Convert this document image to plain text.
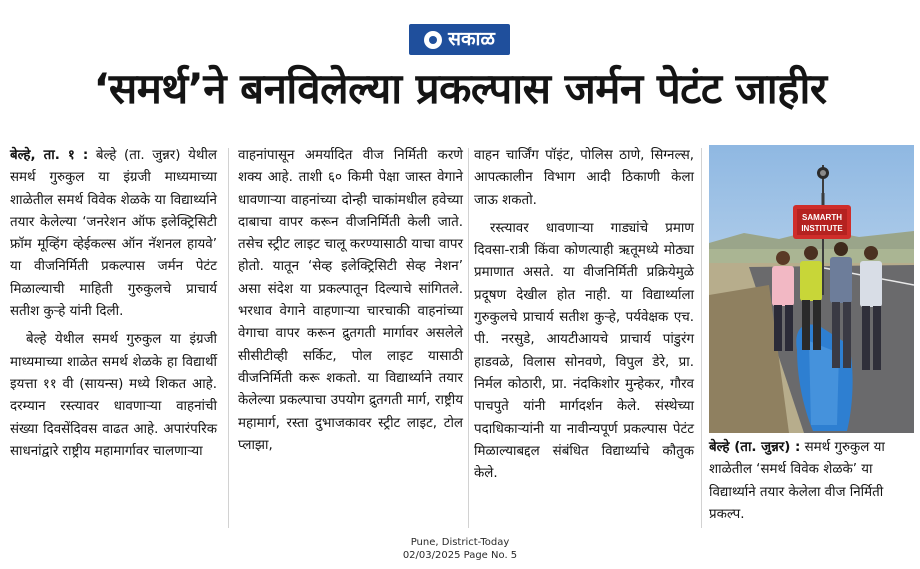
सकाळ
‘समर्थ’ने बनविलेल्या प्रकल्पास जर्मन पेटंट जाहीर

बेल्हे, ता. १ : बेल्हे (ता. जुन्नर) येथील समर्थ गुरुकुल या इंग्रजी माध्यमाच्या शाळेतील समर्थ विवेक शेळके या विद्यार्थ्याने तयार केलेल्या ‘जनरेशन ऑफ इलेक्ट्रिसिटी फ्रॉम मूव्हिंग व्हेईकल्स ऑन नॅशनल हायवे’ या वीजनिर्मिती प्रकल्पास जर्मन पेटंट मिळाल्याची माहिती गुरुकुलचे प्राचार्य सतीश कुऱ्हे यांनी दिली.

बेल्हे येथील समर्थ गुरुकुल या इंग्रजी माध्यमाच्या शाळेत समर्थ शेळके हा विद्यार्थी इयत्ता ११ वी (सायन्स) मध्ये शिकत आहे. दरम्यान रस्त्यावर धावणाऱ्या वाहनांची संख्या दिवसेंदिवस वाढत आहे. अपारंपरिक साधनांद्वारे राष्ट्रीय महामार्गावर चालणाऱ्या

वाहनांपासून अमर्यादित वीज निर्मिती करणे शक्य आहे. ताशी ६० किमी पेक्षा जास्त वेगाने धावणाऱ्या वाहनांच्या दोन्ही चाकांमधील हवेच्या दाबाचा वापर करून वीजनिर्मिती केली जाते. तसेच स्ट्रीट लाइट चालू करण्यासाठी याचा वापर होतो. यातून ‘सेव्ह इलेक्ट्रिसिटी सेव्ह नेशन’ असा संदेश या प्रकल्पातून दिल्याचे सांगितले. भरधाव वेगाने वाहणाऱ्या चारचाकी वाहनांच्या वेगाचा वापर करून द्रुतगती मार्गावर असलेले सीसीटीव्ही सर्किट, पोल लाइट यासाठी वीजनिर्मिती करू शकतो. या विद्यार्थ्याने तयार केलेल्या प्रकल्पाचा उपयोग द्रुतगती मार्ग, राष्ट्रीय महामार्ग, रस्ता दुभाजकावर स्ट्रीट लाइट, टोल प्लाझा,

वाहन चार्जिंग पॉइंट, पोलिस ठाणे, सिग्नल्स, आपत्कालीन विभाग आदी ठिकाणी केला जाऊ शकतो.

रस्त्यावर धावणाऱ्या गाड्यांचे प्रमाण दिवसा-रात्री किंवा कोणत्याही ऋतूमध्ये मोठ्या प्रमाणात असते. या वीजनिर्मिती प्रक्रियेमुळे प्रदूषण देखील होत नाही. या विद्यार्थ्याला गुरुकुलचे प्राचार्य सतीश कुऱ्हे, पर्यवेक्षक एच. पी. नरसुडे, आयटीआयचे प्राचार्य पांडुरंग हाडवळे, विलास सोनवणे, विपुल डेरे, प्रा. निर्मल कोठारी, प्रा. नंदकिशोर मुन्हेकर, गौरव पाचपुते यांनी मार्गदर्शन केले. संस्थेच्या पदाधिकाऱ्यांनी या नावीन्यपूर्ण प्रकल्पास पेटंट मिळाल्याबद्दल संबंधित विद्यार्थ्याचे कौतुक केले.

SAMARTH
INSTITUTE
बेल्हे (ता. जुन्नर) : समर्थ गुरुकुल या शाळेतील ‘समर्थ विवेक शेळके’ या विद्यार्थ्याने तयार केलेला वीज निर्मिती प्रकल्प.
Pune, District-Today
02/03/2025 Page No. 5
